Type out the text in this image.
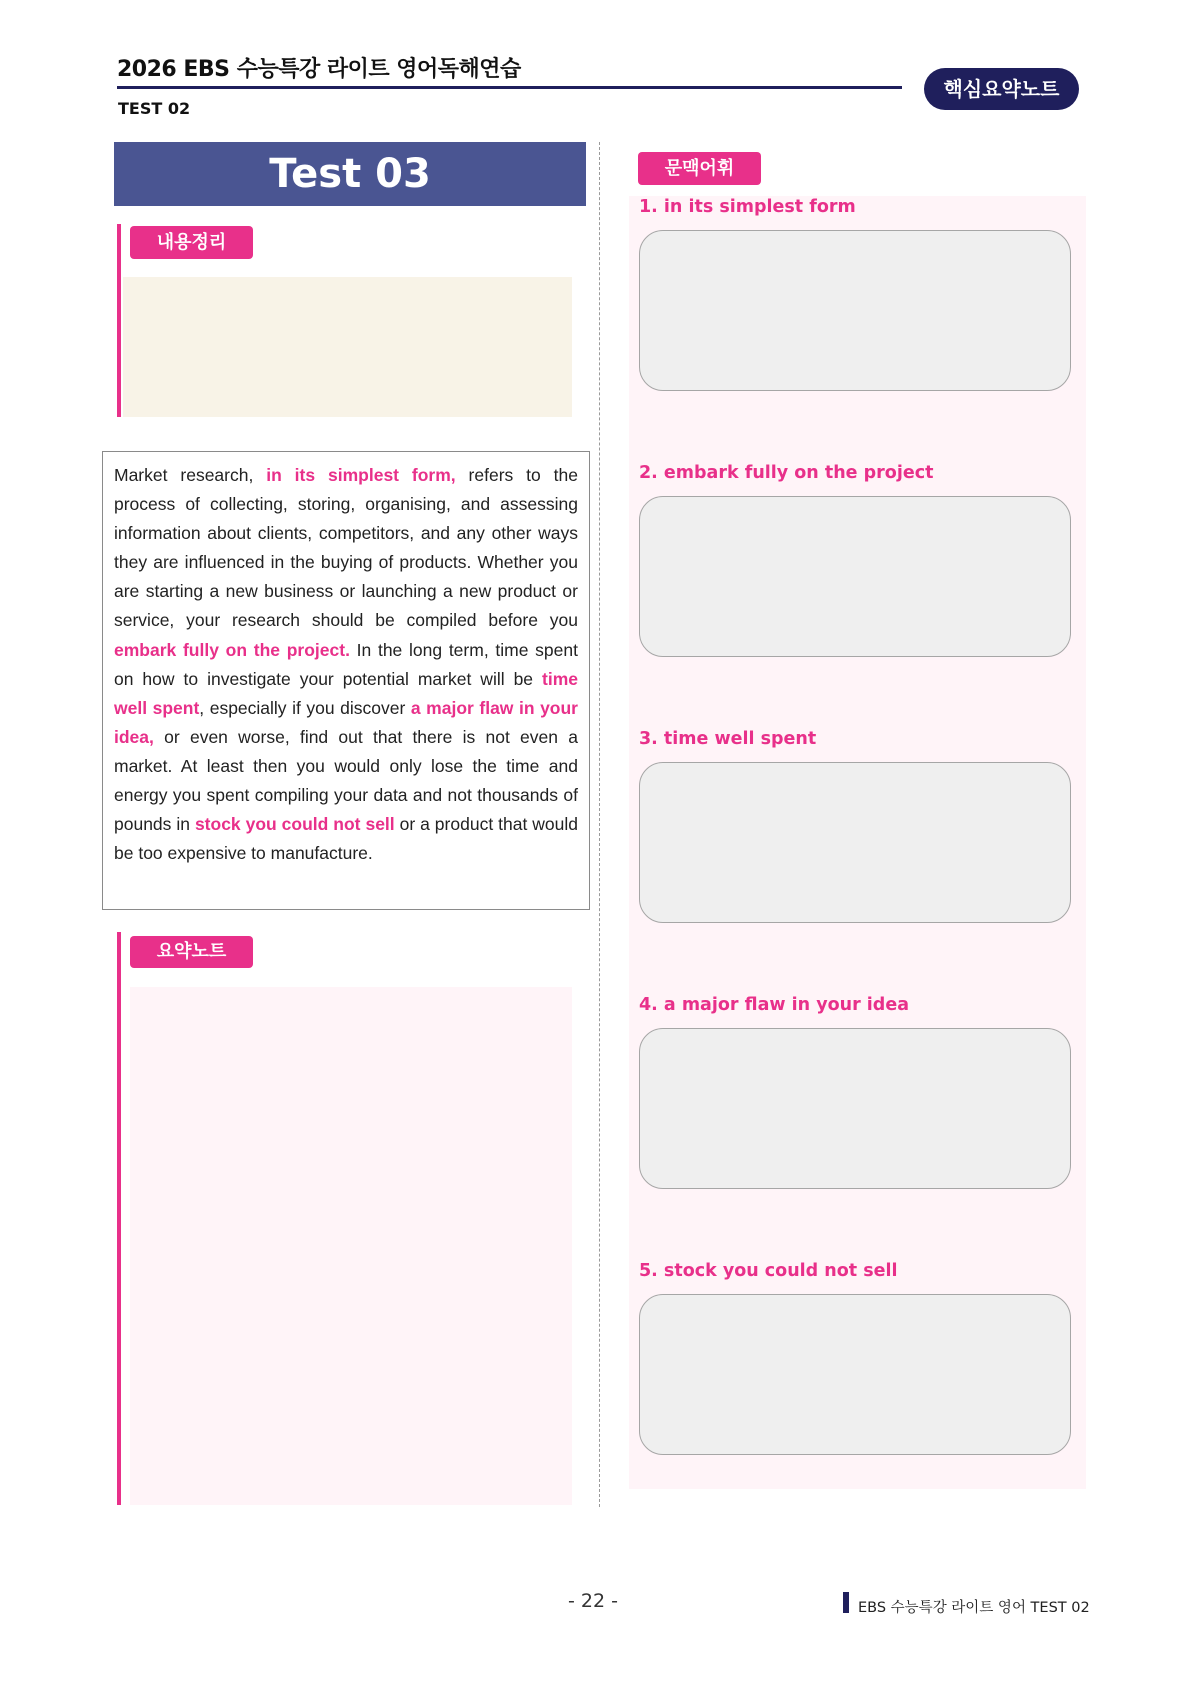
2026 EBS 수능특강 라이트 영어독해연습
TEST 02
핵심요약노트
Test 03
내용정리
Market research, in its simplest form, refers to the process of collecting, storing, organising, and assessing information about clients, competitors, and any other ways they are influenced in the buying of products. Whether you are starting a new business or launching a new product or service, your research should be compiled before you embark fully on the project. In the long term, time spent on how to investigate your potential market will be time well spent, especially if you discover a major flaw in your idea, or even worse, find out that there is not even a market. At least then you would only lose the time and energy you spent compiling your data and not thousands of pounds in stock you could not sell or a product that would be too expensive to manufacture.
요약노트
문맥어휘
1. in its simplest form
2. embark fully on the project
3. time well spent
4. a major flaw in your idea
5. stock you could not sell
- 22 -	EBS 수능특강 라이트 영어 TEST 02
